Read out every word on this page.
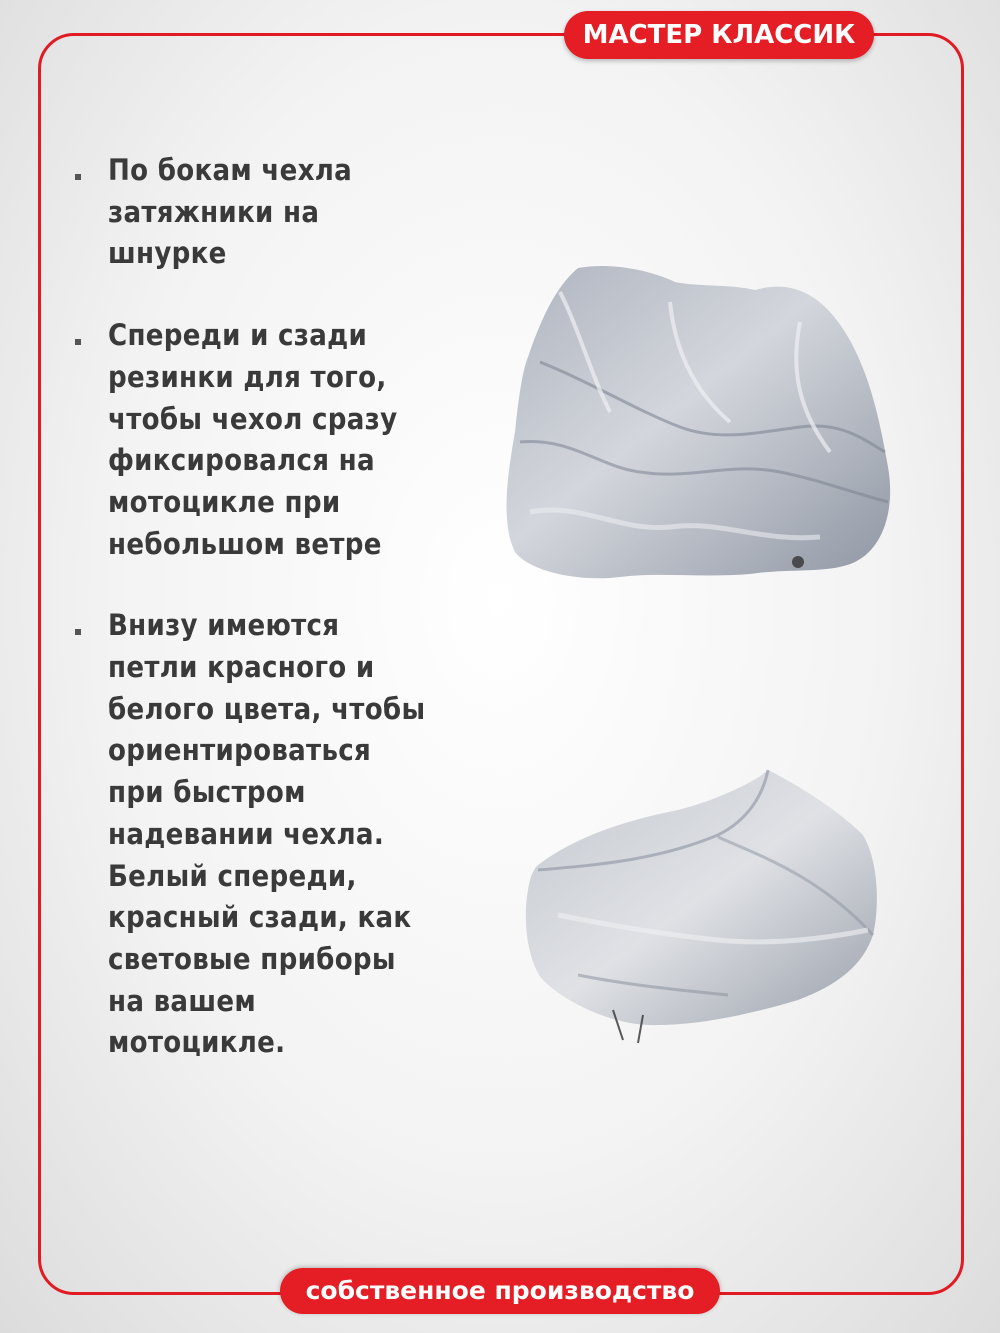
МАСТЕР КЛАССИК
По бокам чехла
затяжники на
шнурке
Спереди и сзади
резинки для того,
чтобы чехол сразу
фиксировался на
мотоцикле при
небольшом ветре
Внизу имеются
петли красного и
белого цвета, чтобы
ориентироваться
при быстром
надевании чехла.
Белый спереди,
красный сзади, как
световые приборы
на вашем
мотоцикле.
собственное производство
